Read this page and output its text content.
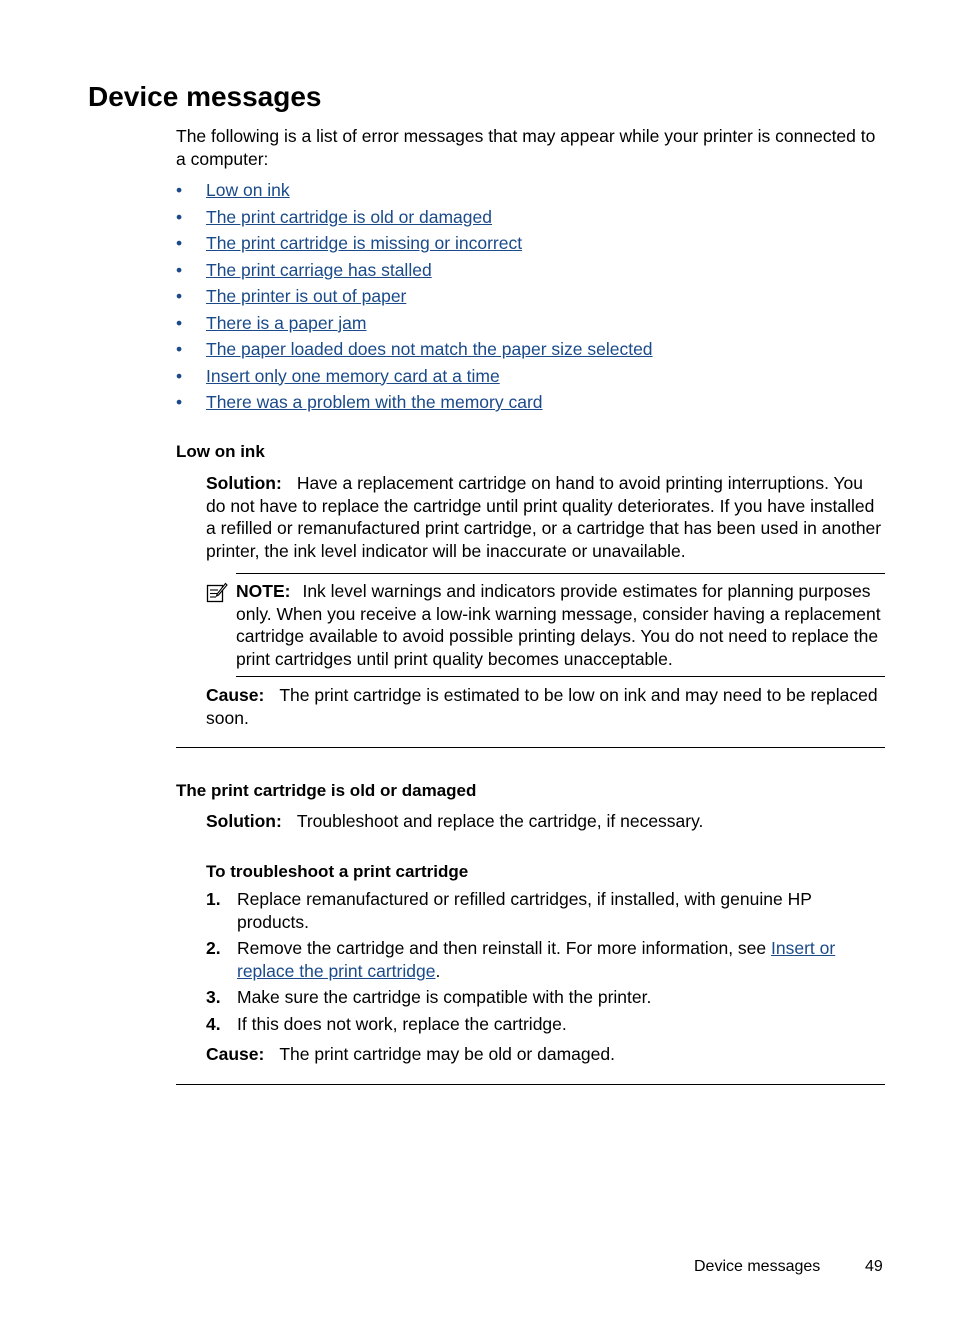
Device messages

The following is a list of error messages that may appear while your printer is connected to a computer:

• Low on ink
• The print cartridge is old or damaged
• The print cartridge is missing or incorrect
• The print carriage has stalled
• The printer is out of paper
• There is a paper jam
• The paper loaded does not match the paper size selected
• Insert only one memory card at a time
• There was a problem with the memory card
Low on ink

Solution: Have a replacement cartridge on hand to avoid printing interruptions. You do not have to replace the cartridge until print quality deteriorates. If you have installed a refilled or remanufactured print cartridge, or a cartridge that has been used in another printer, the ink level indicator will be inaccurate or unavailable.

NOTE: Ink level warnings and indicators provide estimates for planning purposes only. When you receive a low-ink warning message, consider having a replacement cartridge available to avoid possible printing delays. You do not need to replace the print cartridges until print quality becomes unacceptable.

Cause: The print cartridge is estimated to be low on ink and may need to be replaced soon.

The print cartridge is old or damaged

Solution: Troubleshoot and replace the cartridge, if necessary.

To troubleshoot a print cartridge
1. Replace remanufactured or refilled cartridges, if installed, with genuine HP products.
2. Remove the cartridge and then reinstall it. For more information, see Insert or replace the print cartridge.
3. Make sure the cartridge is compatible with the printer.
4. If this does not work, replace the cartridge.

Cause: The print cartridge may be old or damaged.

Device messages	49
